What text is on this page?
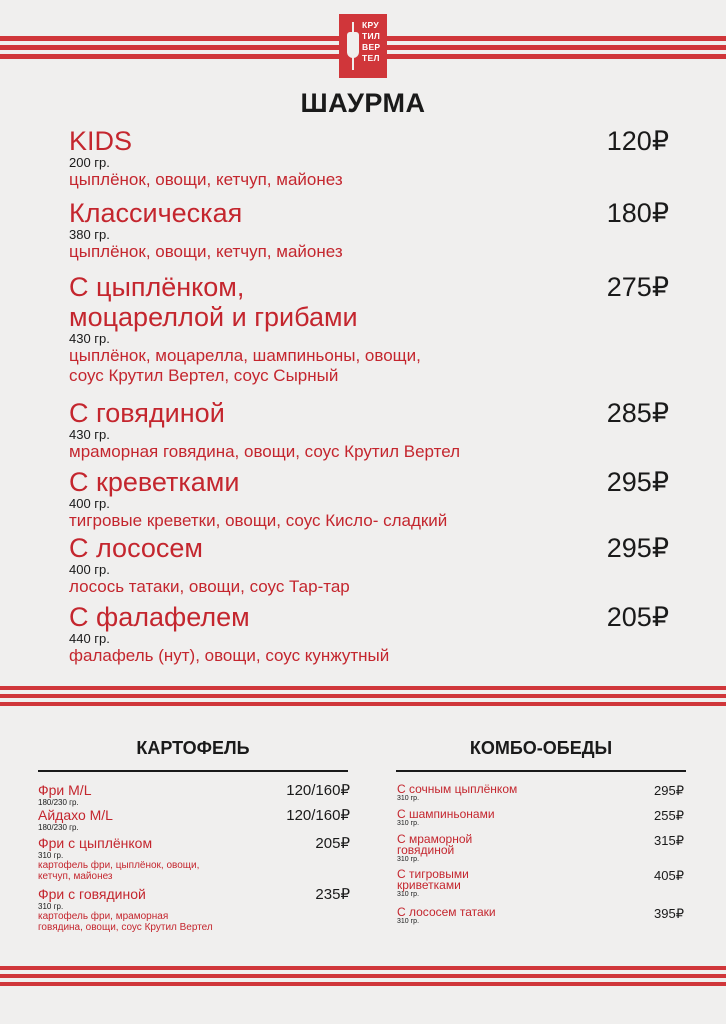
КРУ
ТИЛ
ВЕР
ТЕЛ
ШАУРМА
KIDS
200 гр.
цыплёнок, овощи, кетчуп, майонез
120₽
Классическая
380 гр.
цыплёнок, овощи, кетчуп, майонез
180₽
С цыплёнком,
моцареллой и грибами
430 гр.
цыплёнок, моцарелла, шампиньоны, овощи,
соус Крутил Вертел, соус Сырный
275₽
С говядиной
430 гр.
мраморная говядина, овощи, соус Крутил Вертел
285₽
С креветками
400 гр.
тигровые креветки, овощи, соус Кисло- сладкий
295₽
С лососем
400 гр.
лосось татаки, овощи, соус Тар-тар
295₽
С фалафелем
440 гр.
фалафель (нут), овощи, соус кунжутный
205₽
КАРТОФЕЛЬ
Фри M/L
180/230 гр.
120/160₽
Айдахо M/L
180/230 гр.
120/160₽
Фри с цыплёнком
310 гр.
картофель фри, цыплёнок, овощи,
кетчуп, майонез
205₽
Фри с говядиной
310 гр.
картофель фри, мраморная
говядина, овощи, соус Крутил Вертел
235₽
КОМБО-ОБЕДЫ
С сочным цыплёнком
310 гр.
295₽
С шампиньонами
310 гр.
255₽
С мраморной
говядиной
310 гр.
315₽
С тигровыми
криветками
310 гр.
405₽
С лососем татаки
310 гр.
395₽
